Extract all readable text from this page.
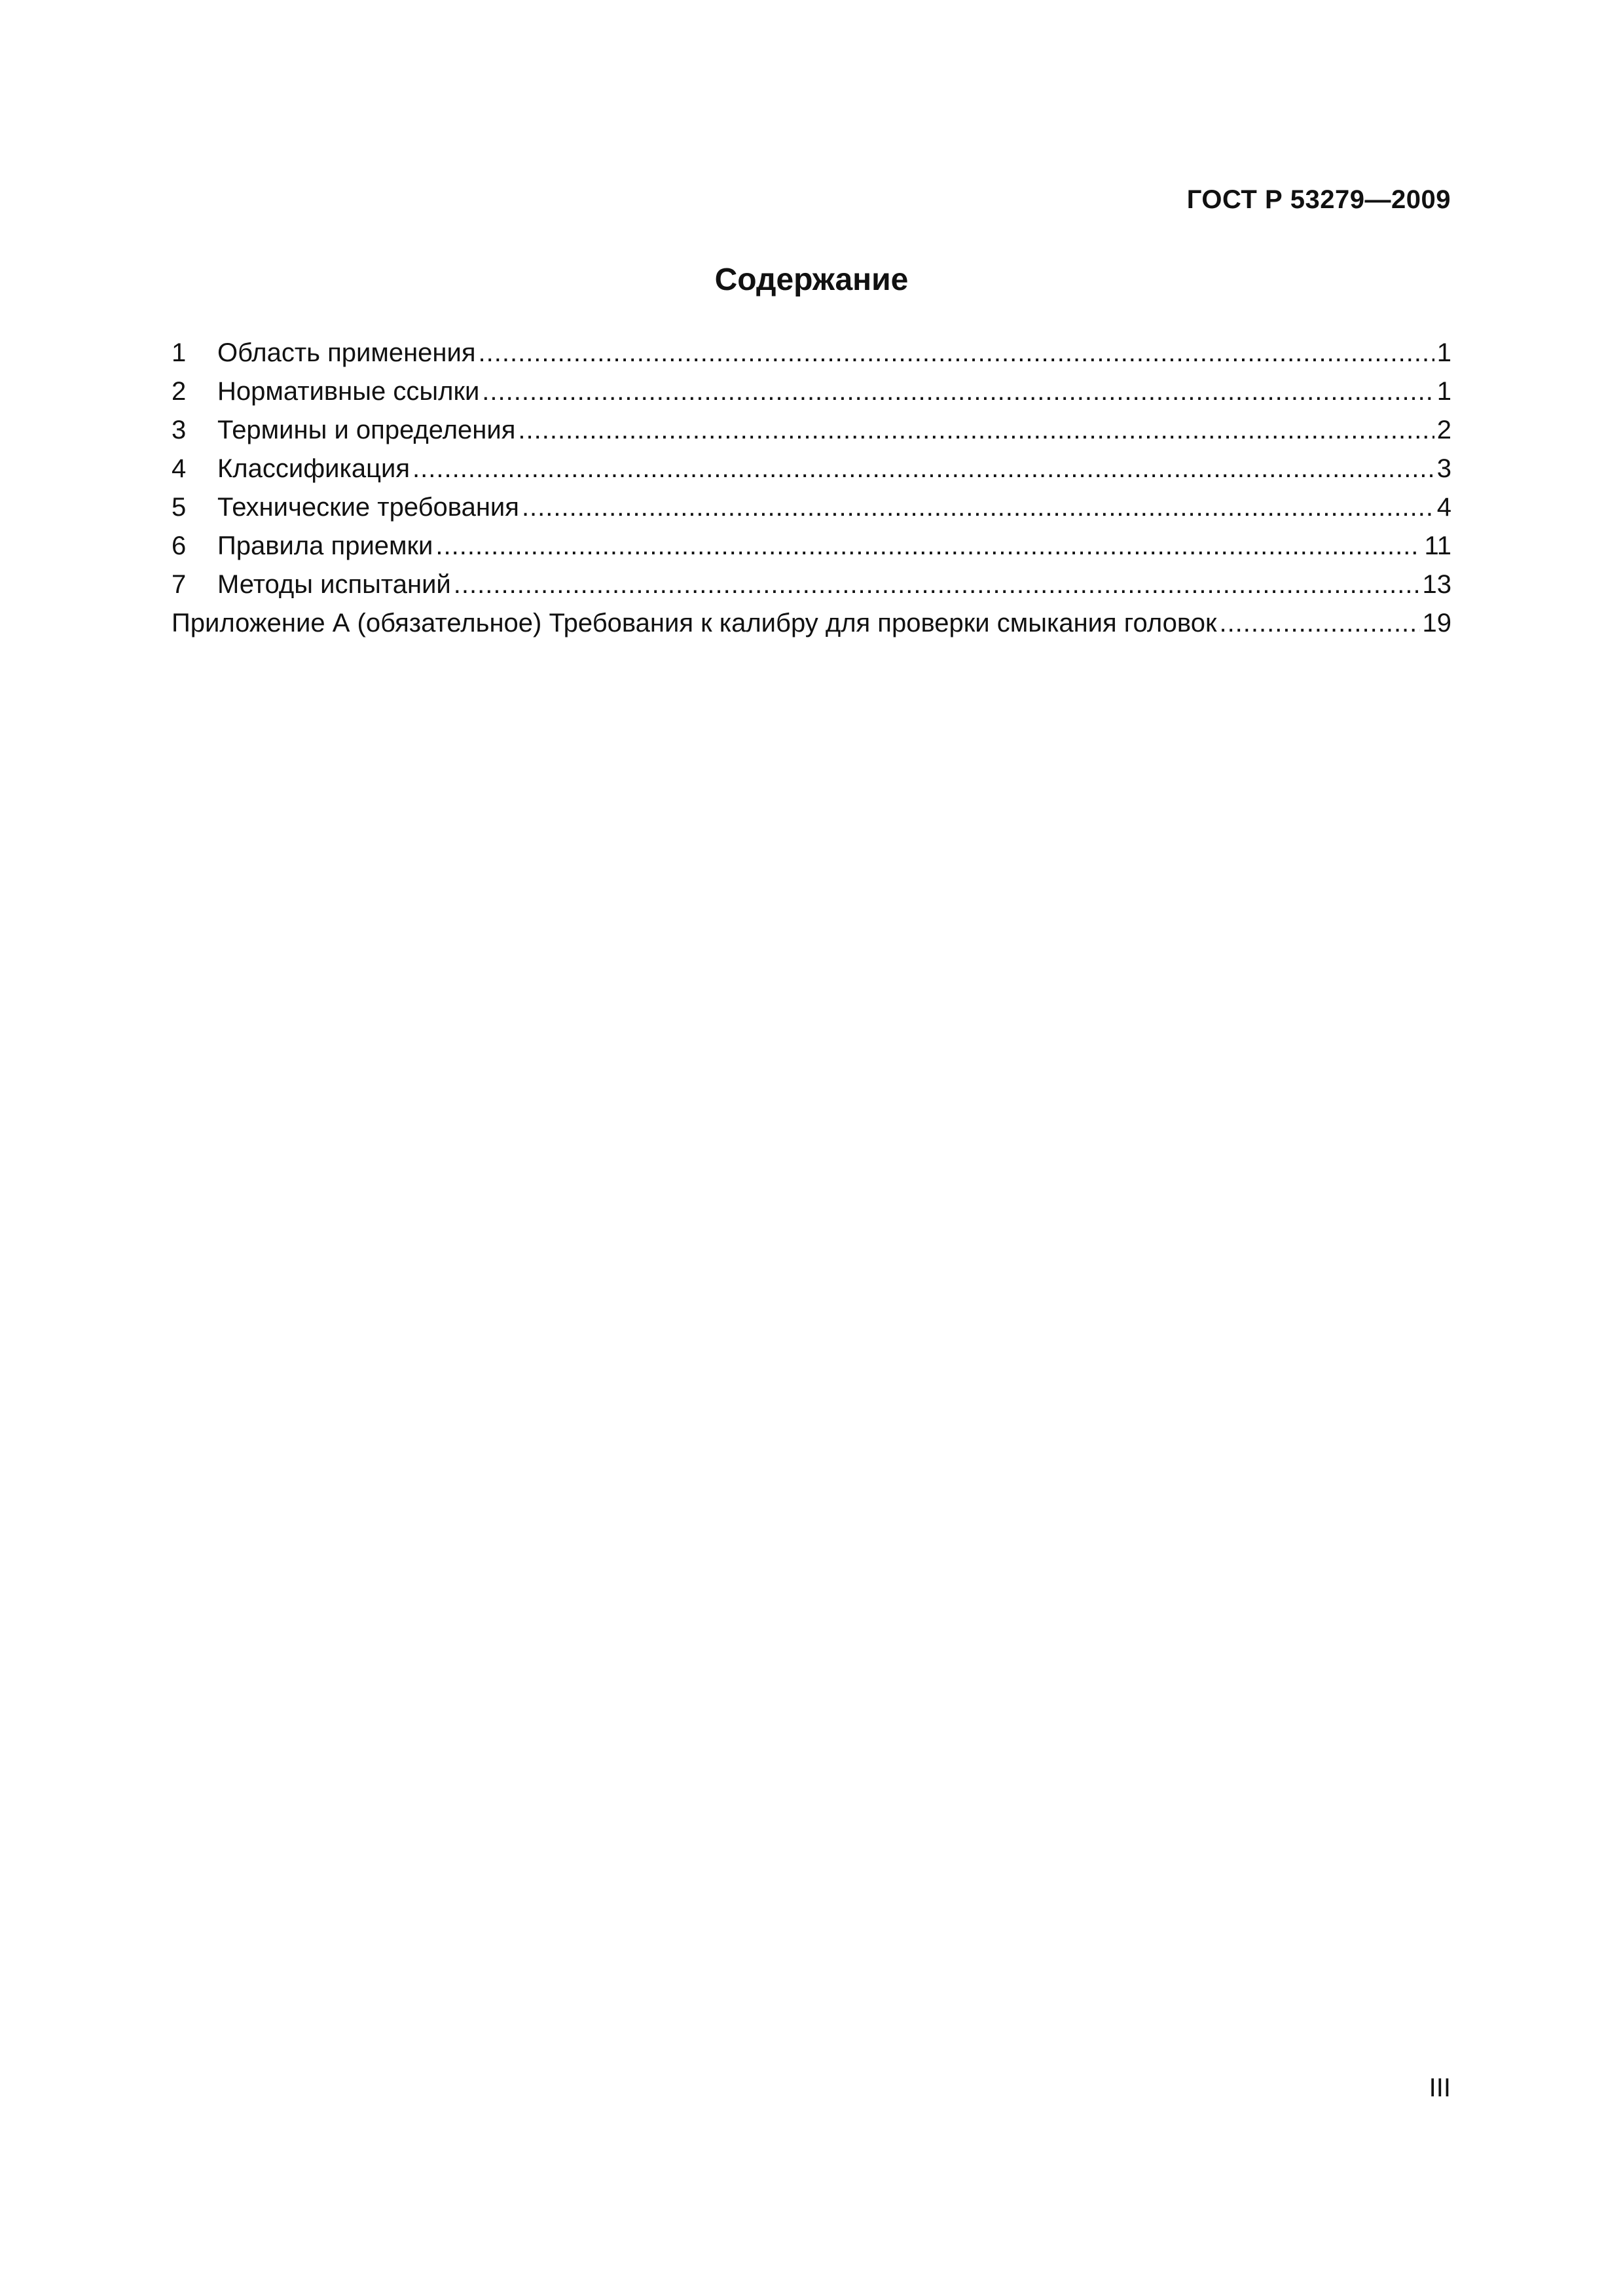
ГОСТ Р 53279—2009
Содержание
1	Область применения .....	1
2	Нормативные ссылки .....	1
3	Термины и определения .....	2
4	Классификация .....	3
5	Технические требования .....	4
6	Правила приемки .....	11
7	Методы испытаний .....	13
Приложение А (обязательное) Требования к калибру для проверки смыкания головок .....	19
III
